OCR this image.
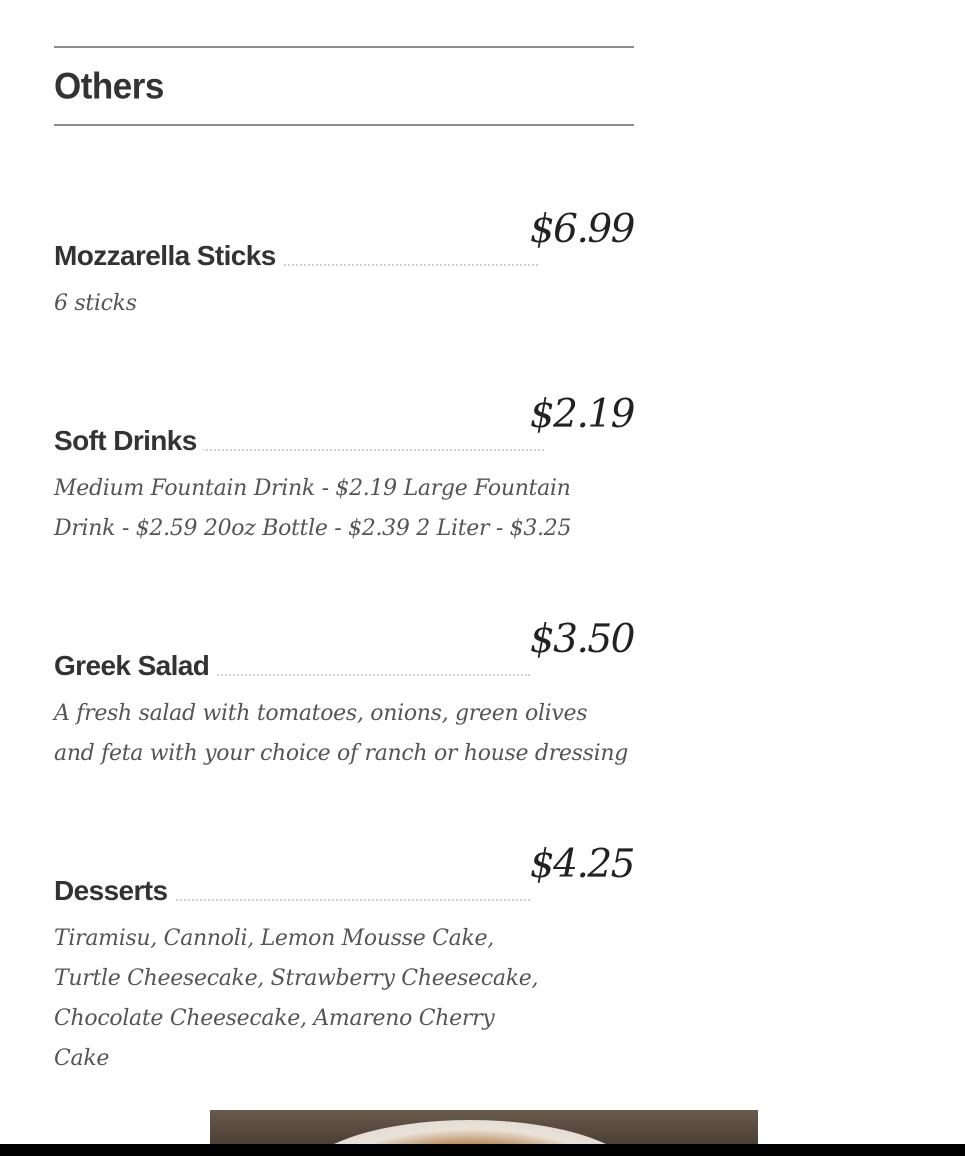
Others
Mozzarella Sticks
$6.99

6 sticks

Soft Drinks
$2.19

Medium Fountain Drink - $2.19 Large Fountain Drink - $2.59 20oz Bottle - $2.39 2 Liter - $3.25

Greek Salad
$3.50

A fresh salad with tomatoes, onions, green olives and feta with your choice of ranch or house dressing

Desserts
$4.25

Tiramisu, Cannoli, Lemon Mousse Cake, Turtle Cheesecake, Strawberry Cheesecake, Chocolate Cheesecake, Amareno Cherry Cake
